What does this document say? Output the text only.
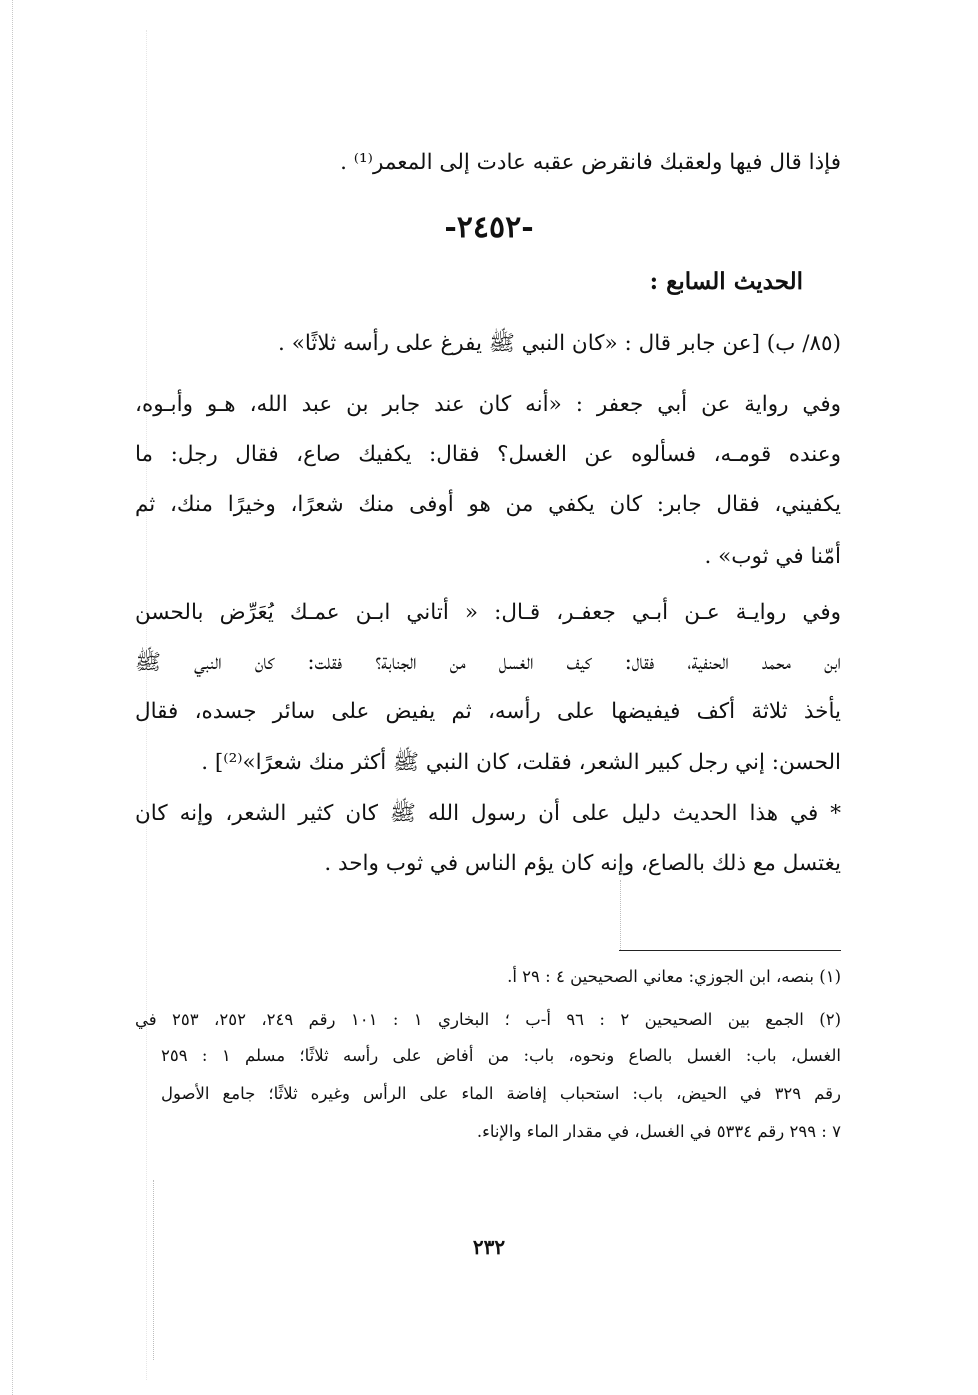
فإذا قال فيها ولعقبك فانقرض عقبه عادت إلى المعمر⁽¹⁾ .
-٢٤٥٢-
الحديث السابع :
(٨٥/ ب) [عن جابر قال : «كان النبي ﷺ يفرغ على رأسه ثلاثًا» .
وفي رواية عن أبي جعفر : «أنه كان عند جابر بن عبد الله، هـو وأبـوه،
وعنده قومـه، فسألوه عن الغسل؟ فقال: يكفيك صاع، فقال رجل: ما
يكفيني، فقال جابر: كان يكفي من هو أوفى منك شعرًا، وخيرًا منك، ثم
أمّنا في ثوب» .
وفي روايـة عـن أبـي جعفـر، قـال: « أتاني ابـن عمـك يُعَرِّض بالحسن
ابن محمد الحنفية، فقال: كيف الغسل من الجنابة؟ فقلت: كان النبي ﷺ
يأخذ ثلاثة أكف فيفيضها على رأسه، ثم يفيض على سائر جسده، فقال
الحسن: إني رجل كبير الشعر، فقلت، كان النبي ﷺ أكثر منك شعرًا»⁽²⁾] .
* في هذا الحديث دليل على أن رسول الله ﷺ كان كثير الشعر، وإنه كان
يغتسل مع ذلك بالصاع، وإنه كان يؤم الناس في ثوب واحد .
(١) بنصه، ابن الجوزي: معاني الصحيحين ٤ : ٢٩ أ.
(٢) الجمع بين الصحيحين ٢ : ٩٦ أ-ب ؛ البخاري ١ : ١٠١ رقم ٢٤٩، ٢٥٢، ٢٥٣ في
الغسل، باب: الغسل بالصاع ونحوه، باب: من أفاض على رأسه ثلاثًا؛ مسلم ١ : ٢٥٩
رقم ٣٢٩ في الحيض، باب: استحباب إفاضة الماء على الرأس وغيره ثلاثًا؛ جامع الأصول
٧ : ٢٩٩ رقم ٥٣٣٤ في الغسل، في مقدار الماء والإناء.
٢٣٢
